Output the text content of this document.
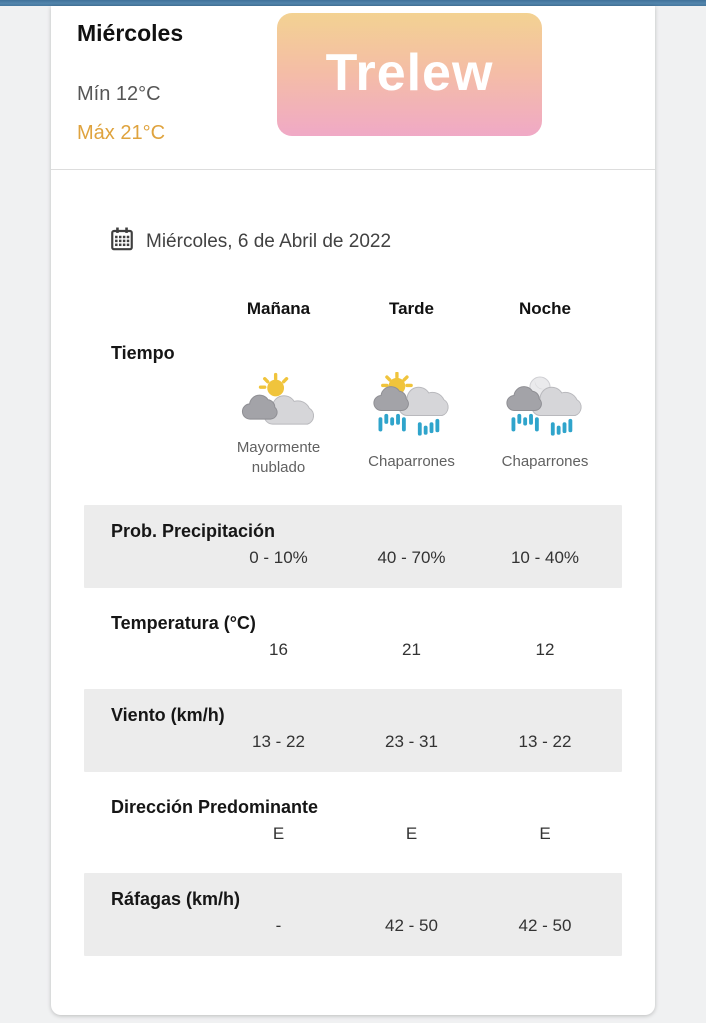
Miércoles
Mín 12°C
Máx 21°C
Trelew
Miércoles, 6 de Abril de 2022
Mañana	Tarde	Noche
Tiempo
Mayormente nublado	Chaparrones	Chaparrones
Prob. Precipitación
0 - 10%	40 - 70%	10 - 40%
Temperatura (°C)
16	21	12
Viento (km/h)
13 - 22	23 - 31	13 - 22
Dirección Predominante
E	E	E
Ráfagas (km/h)
-	42 - 50	42 - 50
